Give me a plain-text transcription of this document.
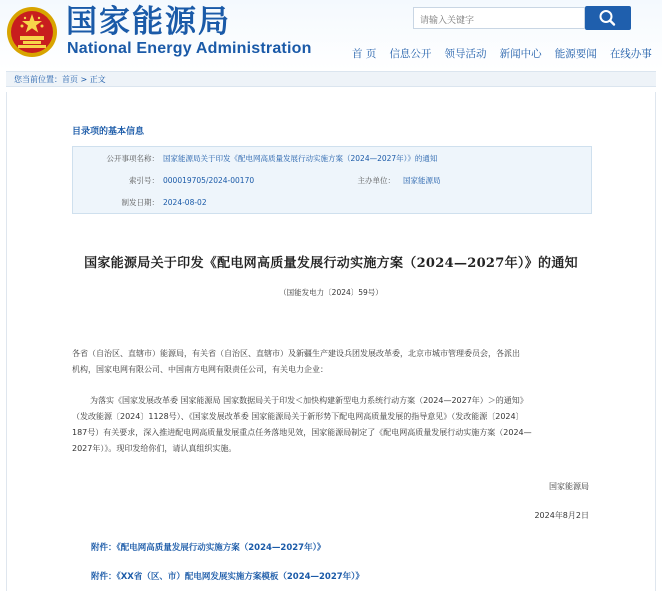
国家能源局
National Energy Administration
请输入关键字	首 页 信息公开 领导活动 新闻中心 能源要闻 在线办事
您当前位置：首页 > 正文
目录项的基本信息
公开事项名称： 国家能源局关于印发《配电网高质量发展行动实施方案（2024—2027年）》的通知
索引号： 000019705/2024-00170	主办单位： 国家能源局
制发日期： 2024-08-02
国家能源局关于印发《配电网高质量发展行动实施方案（2024—2027年）》的通知
（国能发电力〔2024〕59号）
各省（自治区、直辖市）能源局，有关省（自治区、直辖市）及新疆生产建设兵团发展改革委，北京市城市管理委员会，各派出
机构，国家电网有限公司、中国南方电网有限责任公司，有关电力企业：
为落实《国家发展改革委 国家能源局 国家数据局关于印发＜加快构建新型电力系统行动方案（2024—2027年）＞的通知》
（发改能源〔2024〕1128号）、《国家发展改革委 国家能源局关于新形势下配电网高质量发展的指导意见》（发改能源〔2024〕
187号）有关要求，深入推进配电网高质量发展重点任务落地见效，国家能源局制定了《配电网高质量发展行动实施方案（2024—
2027年）》。现印发给你们，请认真组织实施。
国家能源局
2024年8月2日
附件：《配电网高质量发展行动实施方案（2024—2027年）》
附件：《XX省（区、市）配电网发展实施方案模板（2024—2027年）》
